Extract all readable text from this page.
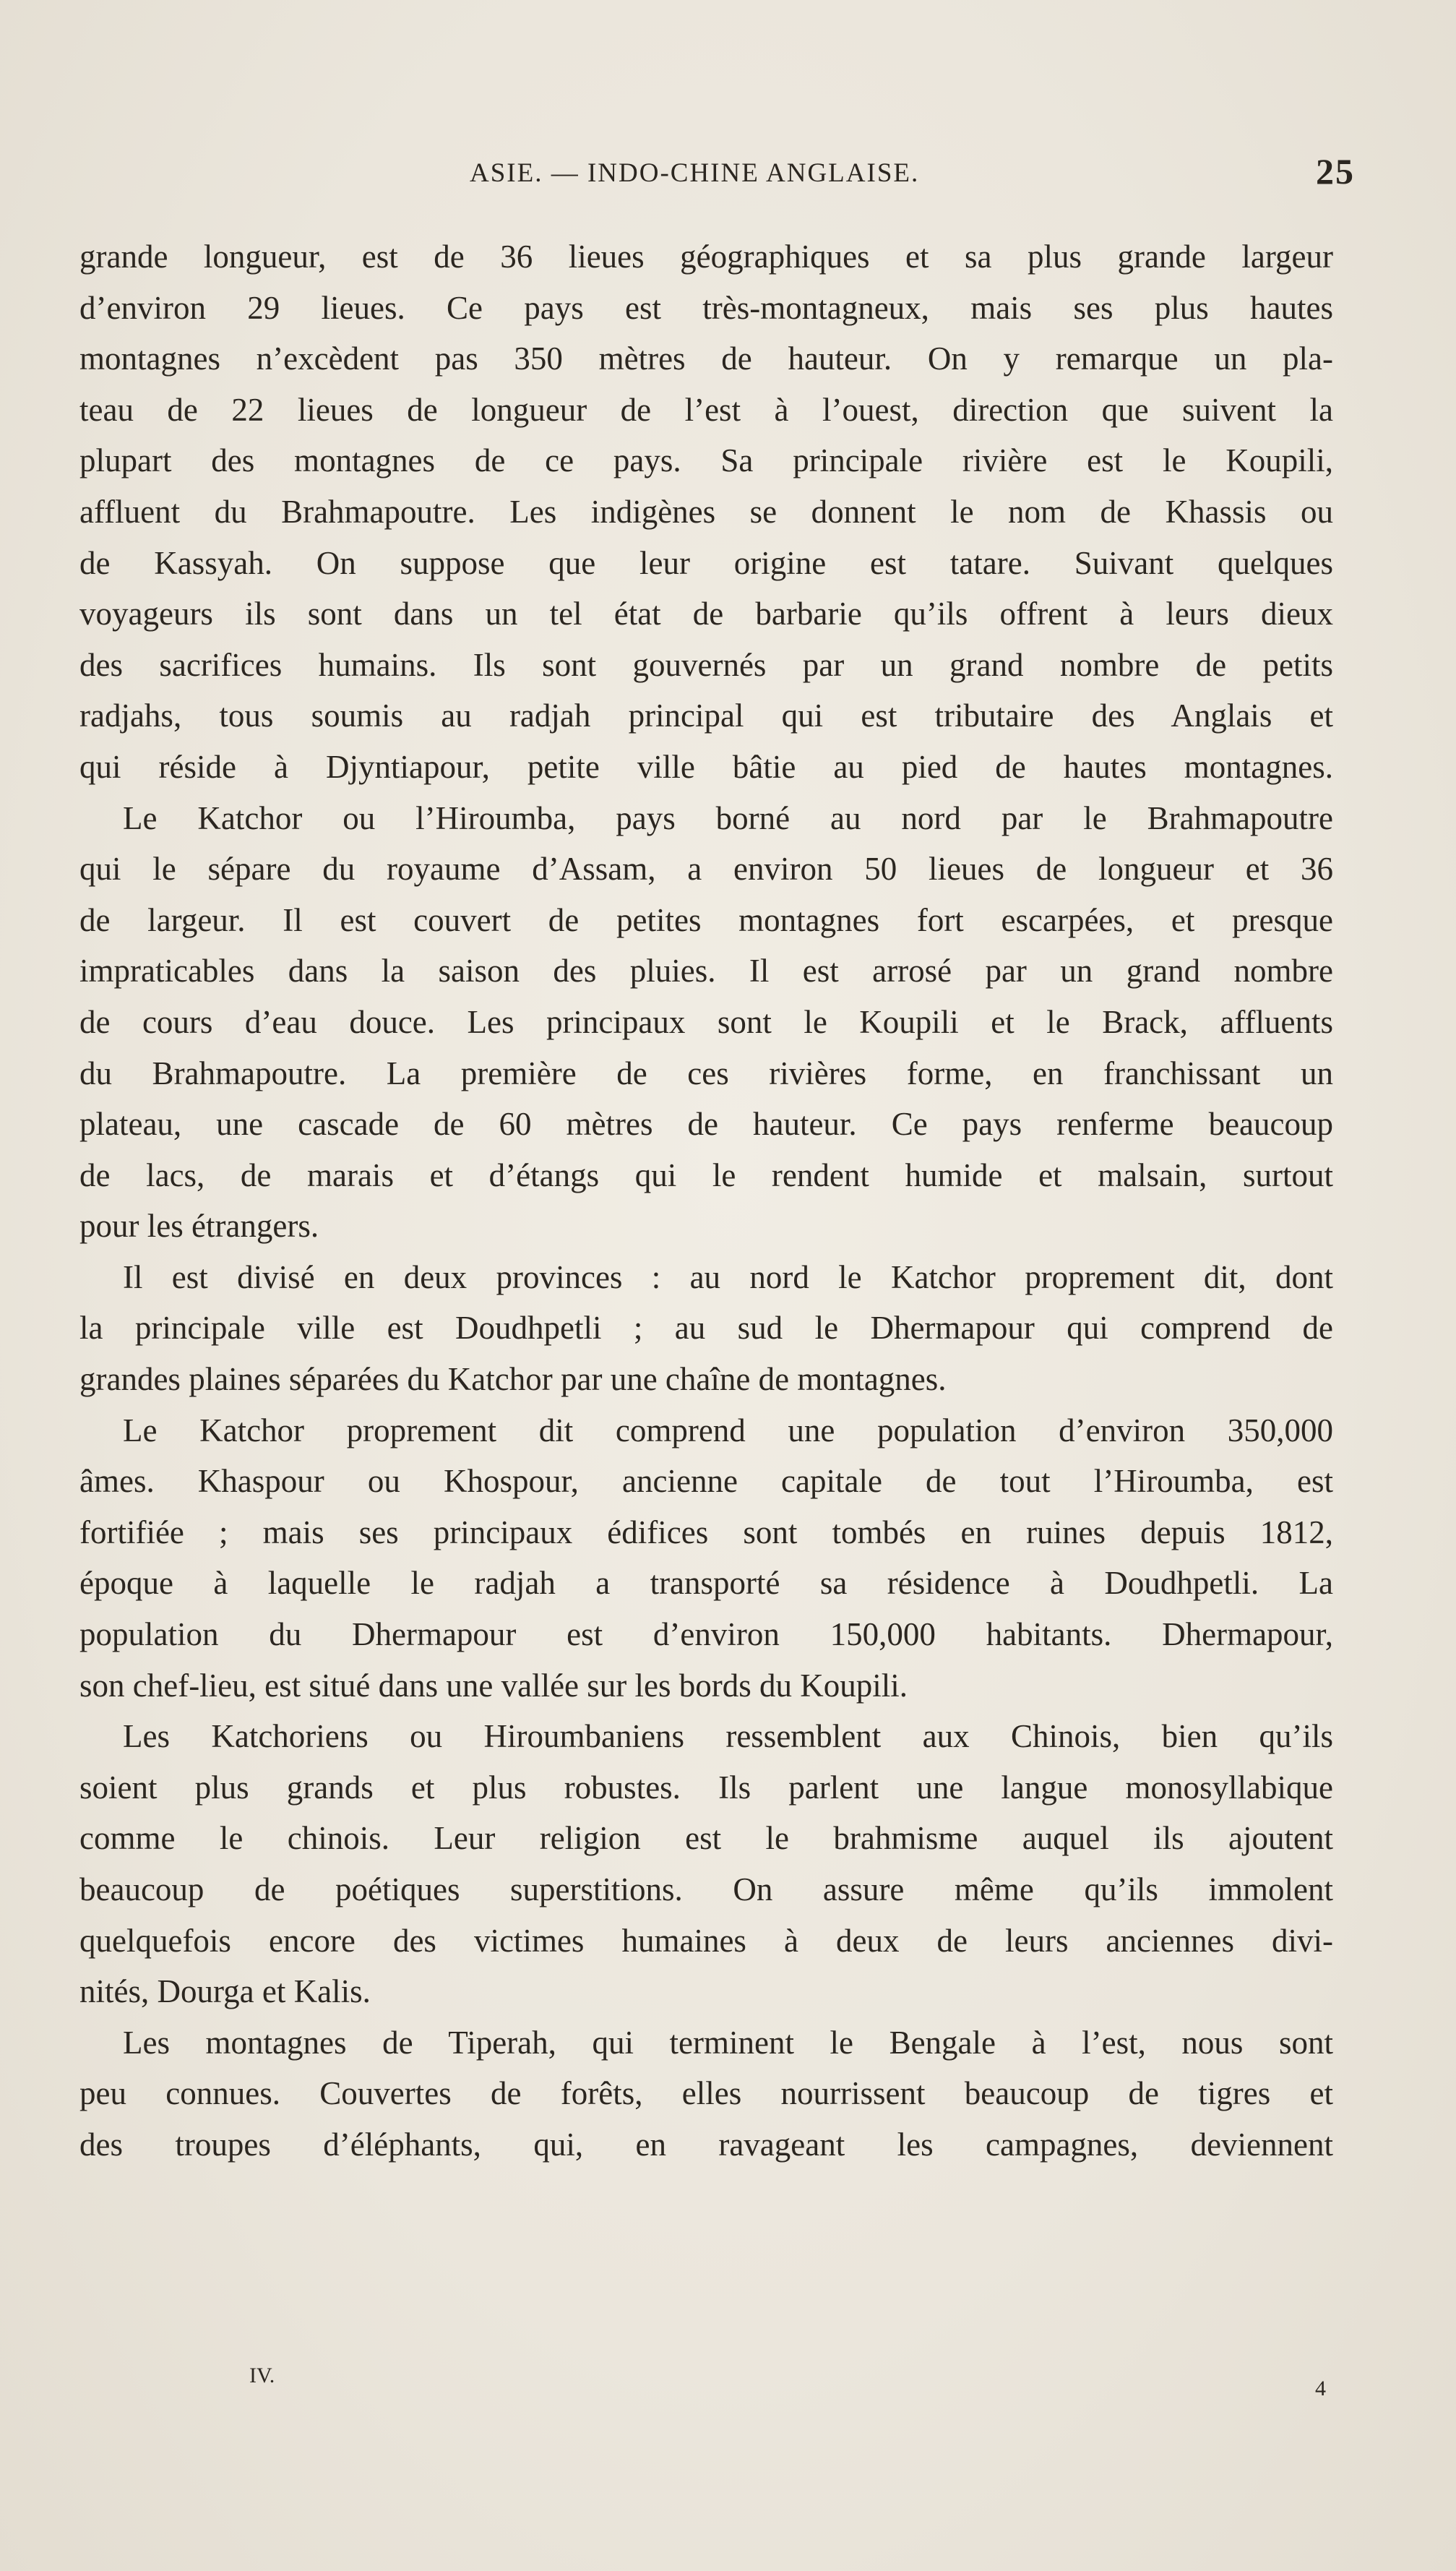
ASIE. — INDO-CHINE ANGLAISE.	25
grande longueur, est de 36 lieues géographiques et sa plus grande largeur
d’environ 29 lieues. Ce pays est très-montagneux, mais ses plus hautes
montagnes n’excèdent pas 350 mètres de hauteur. On y remarque un pla-
teau de 22 lieues de longueur de l’est à l’ouest, direction que suivent la
plupart des montagnes de ce pays. Sa principale rivière est le Koupili,
affluent du Brahmapoutre. Les indigènes se donnent le nom de Khassis ou
de Kassyah. On suppose que leur origine est tatare. Suivant quelques
voyageurs ils sont dans un tel état de barbarie qu’ils offrent à leurs dieux
des sacrifices humains. Ils sont gouvernés par un grand nombre de petits
radjahs, tous soumis au radjah principal qui est tributaire des Anglais et
qui réside à Djyntiapour, petite ville bâtie au pied de hautes montagnes.
Le Katchor ou l’Hiroumba, pays borné au nord par le Brahmapoutre
qui le sépare du royaume d’Assam, a environ 50 lieues de longueur et 36
de largeur. Il est couvert de petites montagnes fort escarpées, et presque
impraticables dans la saison des pluies. Il est arrosé par un grand nombre
de cours d’eau douce. Les principaux sont le Koupili et le Brack, affluents
du Brahmapoutre. La première de ces rivières forme, en franchissant un
plateau, une cascade de 60 mètres de hauteur. Ce pays renferme beaucoup
de lacs, de marais et d’étangs qui le rendent humide et malsain, surtout
pour les étrangers.
Il est divisé en deux provinces : au nord le Katchor proprement dit, dont
la principale ville est Doudhpetli ; au sud le Dhermapour qui comprend de
grandes plaines séparées du Katchor par une chaîne de montagnes.
Le Katchor proprement dit comprend une population d’environ 350,000
âmes. Khaspour ou Khospour, ancienne capitale de tout l’Hiroumba, est
fortifiée ; mais ses principaux édifices sont tombés en ruines depuis 1812,
époque à laquelle le radjah a transporté sa résidence à Doudhpetli. La
population du Dhermapour est d’environ 150,000 habitants. Dhermapour,
son chef-lieu, est situé dans une vallée sur les bords du Koupili.
Les Katchoriens ou Hiroumbaniens ressemblent aux Chinois, bien qu’ils
soient plus grands et plus robustes. Ils parlent une langue monosyllabique
comme le chinois. Leur religion est le brahmisme auquel ils ajoutent
beaucoup de poétiques superstitions. On assure même qu’ils immolent
quelquefois encore des victimes humaines à deux de leurs anciennes divi-
nités, Dourga et Kalis.
Les montagnes de Tiperah, qui terminent le Bengale à l’est, nous sont
peu connues. Couvertes de forêts, elles nourrissent beaucoup de tigres et
des troupes d’éléphants, qui, en ravageant les campagnes, deviennent
IV.
4
